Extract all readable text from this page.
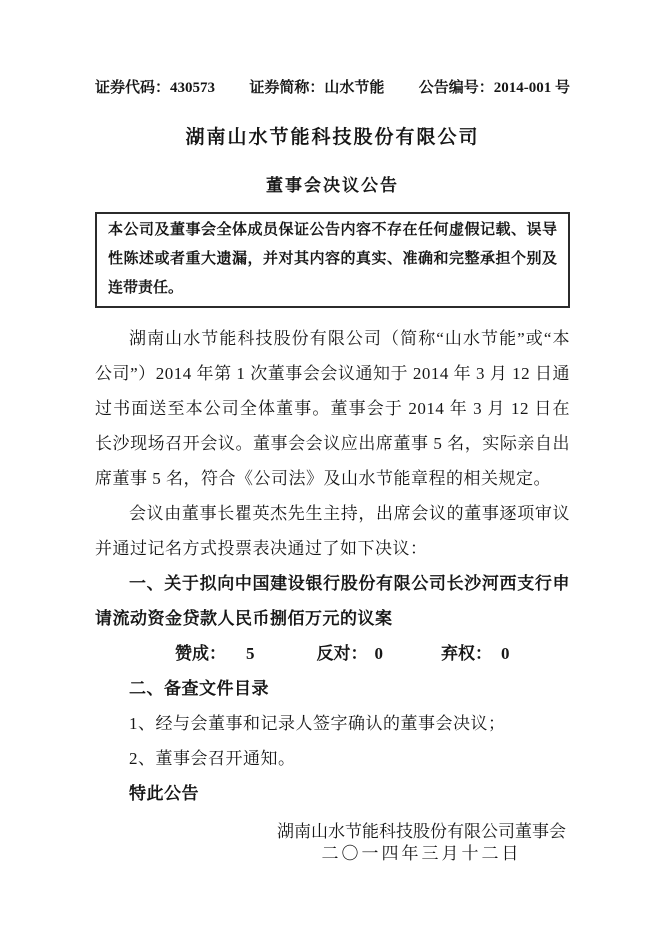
证券代码：430573 证券简称：山水节能 公告编号：2014-001 号
湖南山水节能科技股份有限公司
董事会决议公告
本公司及董事会全体成员保证公告内容不存在任何虚假记载、误导性陈述或者重大遗漏，并对其内容的真实、准确和完整承担个别及连带责任。
湖南山水节能科技股份有限公司（简称“山水节能”或“本公司”）2014 年第 1 次董事会会议通知于 2014 年 3 月 12 日通过书面送至本公司全体董事。董事会于 2014 年 3 月 12 日在长沙现场召开会议。董事会会议应出席董事 5 名，实际亲自出席董事 5 名，符合《公司法》及山水节能章程的相关规定。
会议由董事长瞿英杰先生主持，出席会议的董事逐项审议并通过记名方式投票表决通过了如下决议：
一、关于拟向中国建设银行股份有限公司长沙河西支行申请流动资金贷款人民币捌佰万元的议案
赞成： 5	反对： 0	弃权： 0
二、备查文件目录
1、经与会董事和记录人签字确认的董事会决议；
2、董事会召开通知。
特此公告
湖南山水节能科技股份有限公司董事会
二〇一四年三月十二日
